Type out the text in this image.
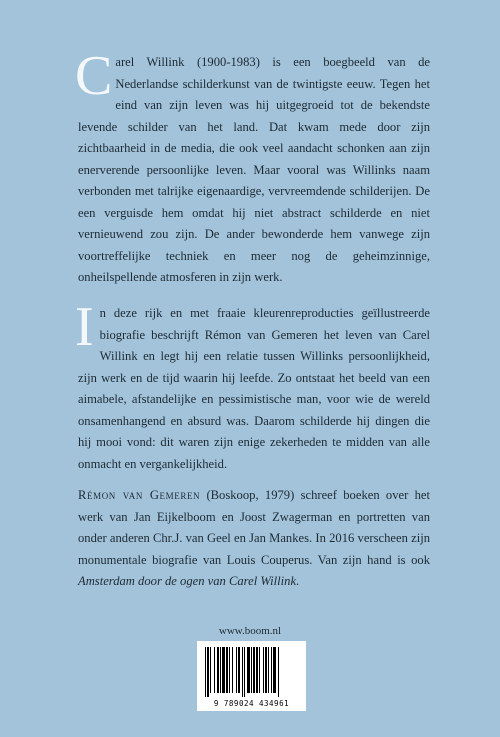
Carel Willink (1900-1983) is een boegbeeld van de Nederlandse schilderkunst van de twintigste eeuw. Tegen het eind van zijn leven was hij uitgegroeid tot de bekendste levende schilder van het land. Dat kwam mede door zijn zichtbaarheid in de media, die ook veel aandacht schonken aan zijn enerverende persoonlijke leven. Maar vooral was Willinks naam verbonden met talrijke eigenaardige, vervreemdende schilderijen. De een verguisde hem omdat hij niet abstract schilderde en niet vernieuwend zou zijn. De ander bewonderde hem vanwege zijn voortreffelijke techniek en meer nog de geheimzinnige, onheilspellende atmosferen in zijn werk.
In deze rijk en met fraaie kleurenreproducties geïllustreerde biografie beschrijft Rémon van Gemeren het leven van Carel Willink en legt hij een relatie tussen Willinks persoonlijkheid, zijn werk en de tijd waarin hij leefde. Zo ontstaat het beeld van een aimabele, afstandelijke en pessimistische man, voor wie de wereld onsamenhangend en absurd was. Daarom schilderde hij dingen die hij mooi vond: dit waren zijn enige zekerheden te midden van alle onmacht en vergankelijkheid.
Rémon van Gemeren (Boskoop, 1979) schreef boeken over het werk van Jan Eijkelboom en Joost Zwagerman en portretten van onder anderen Chr.J. van Geel en Jan Mankes. In 2016 verscheen zijn monumentale biografie van Louis Couperus. Van zijn hand is ook Amsterdam door de ogen van Carel Willink.
www.boom.nl
9 789024 434961
